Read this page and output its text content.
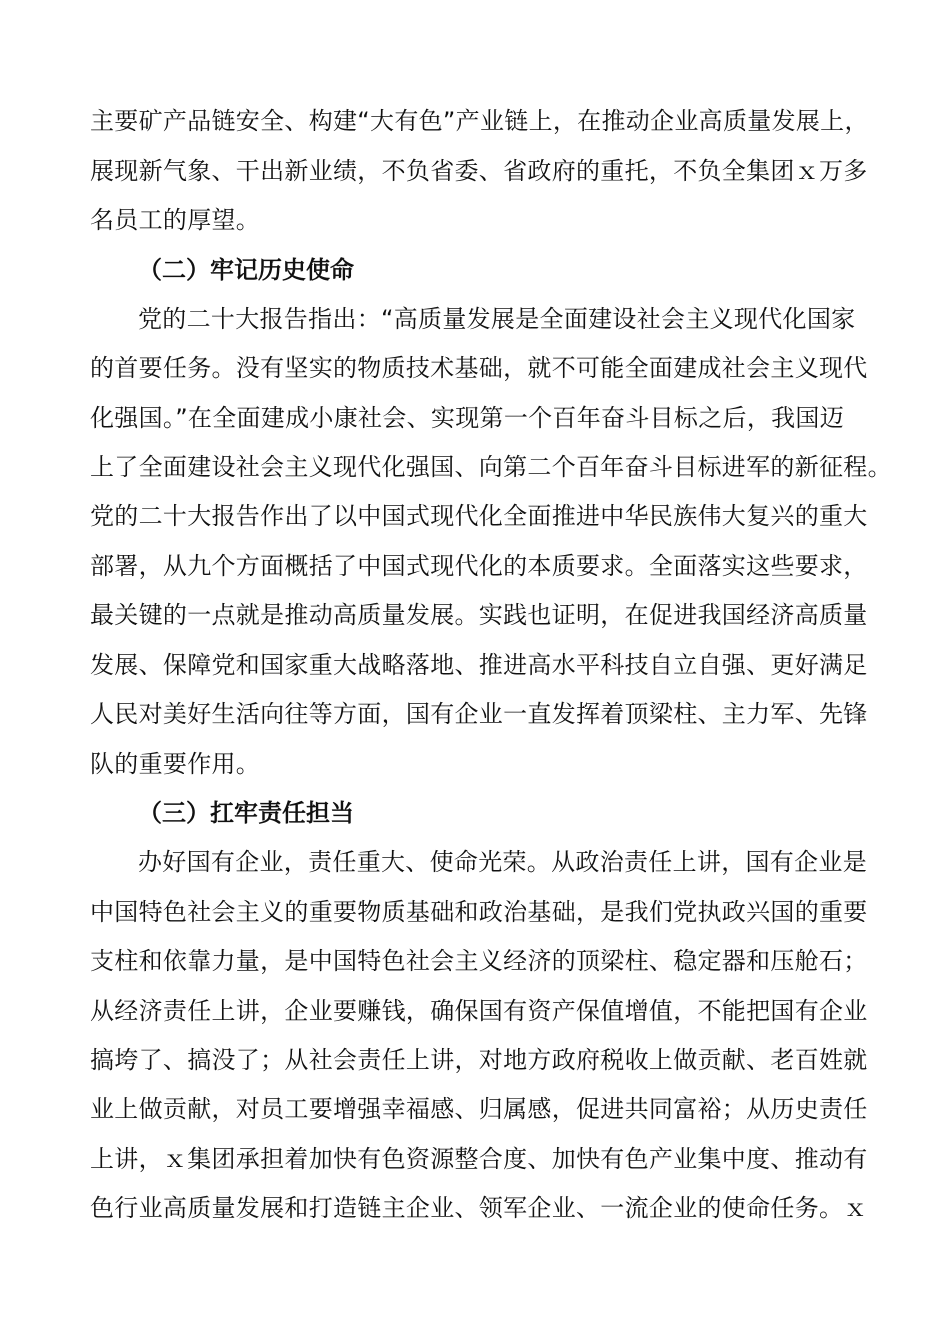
主要矿产品链安全、构建“大有色”产业链上，在推动企业高质量发展上，
展现新气象、干出新业绩，不负省委、省政府的重托，不负全集团ｘ万多
名员工的厚望。
（二）牢记历史使命
党的二十大报告指出：“高质量发展是全面建设社会主义现代化国家
的首要任务。没有坚实的物质技术基础，就不可能全面建成社会主义现代
化强国。”在全面建成小康社会、实现第一个百年奋斗目标之后，我国迈
上了全面建设社会主义现代化强国、向第二个百年奋斗目标进军的新征程。
党的二十大报告作出了以中国式现代化全面推进中华民族伟大复兴的重大
部署，从九个方面概括了中国式现代化的本质要求。全面落实这些要求，
最关键的一点就是推动高质量发展。实践也证明，在促进我国经济高质量
发展、保障党和国家重大战略落地、推进高水平科技自立自强、更好满足
人民对美好生活向往等方面，国有企业一直发挥着顶梁柱、主力军、先锋
队的重要作用。
（三）扛牢责任担当
办好国有企业，责任重大、使命光荣。从政治责任上讲，国有企业是
中国特色社会主义的重要物质基础和政治基础，是我们党执政兴国的重要
支柱和依靠力量，是中国特色社会主义经济的顶梁柱、稳定器和压舱石；
从经济责任上讲，企业要赚钱，确保国有资产保值增值，不能把国有企业
搞垮了、搞没了；从社会责任上讲，对地方政府税收上做贡献、老百姓就
业上做贡献，对员工要增强幸福感、归属感，促进共同富裕；从历史责任
上讲，ｘ集团承担着加快有色资源整合度、加快有色产业集中度、推动有
色行业高质量发展和打造链主企业、领军企业、一流企业的使命任务。ｘ
